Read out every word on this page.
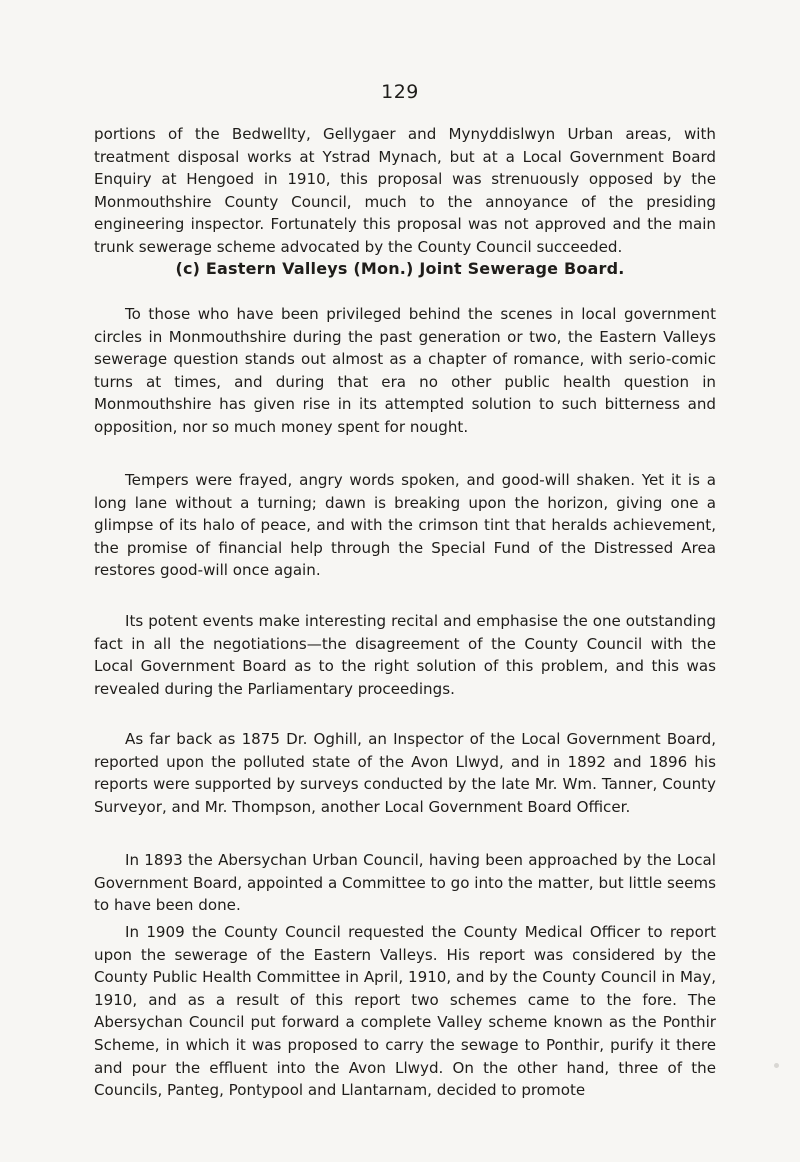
129

portions of the Bedwellty, Gellygaer and Mynyddislwyn Urban areas, with treatment disposal works at Ystrad Mynach, but at a Local Government Board Enquiry at Hengoed in 1910, this proposal was strenuously opposed by the Monmouthshire County Council, much to the annoyance of the presiding engineering inspector. Fortunately this proposal was not approved and the main trunk sewerage scheme advocated by the County Council succeeded.

(c) Eastern Valleys (Mon.) Joint Sewerage Board.

To those who have been privileged behind the scenes in local government circles in Monmouthshire during the past generation or two, the Eastern Valleys sewerage question stands out almost as a chapter of romance, with serio-comic turns at times, and during that era no other public health question in Monmouthshire has given rise in its attempted solution to such bitterness and opposition, nor so much money spent for nought.

Tempers were frayed, angry words spoken, and good-will shaken. Yet it is a long lane without a turning; dawn is breaking upon the horizon, giving one a glimpse of its halo of peace, and with the crimson tint that heralds achievement, the promise of financial help through the Special Fund of the Distressed Area restores good-will once again.

Its potent events make interesting recital and emphasise the one outstanding fact in all the negotiations—the disagreement of the County Council with the Local Government Board as to the right solution of this problem, and this was revealed during the Parliamentary proceedings.

As far back as 1875 Dr. Oghill, an Inspector of the Local Government Board, reported upon the polluted state of the Avon Llwyd, and in 1892 and 1896 his reports were supported by surveys conducted by the late Mr. Wm. Tanner, County Surveyor, and Mr. Thompson, another Local Government Board Officer.

In 1893 the Abersychan Urban Council, having been approached by the Local Government Board, appointed a Committee to go into the matter, but little seems to have been done.

In 1909 the County Council requested the County Medical Officer to report upon the sewerage of the Eastern Valleys. His report was considered by the County Public Health Committee in April, 1910, and by the County Council in May, 1910, and as a result of this report two schemes came to the fore. The Abersychan Council put forward a complete Valley scheme known as the Ponthir Scheme, in which it was proposed to carry the sewage to Ponthir, purify it there and pour the effluent into the Avon Llwyd. On the other hand, three of the Councils, Panteg, Pontypool and Llantarnam, decided to promote
